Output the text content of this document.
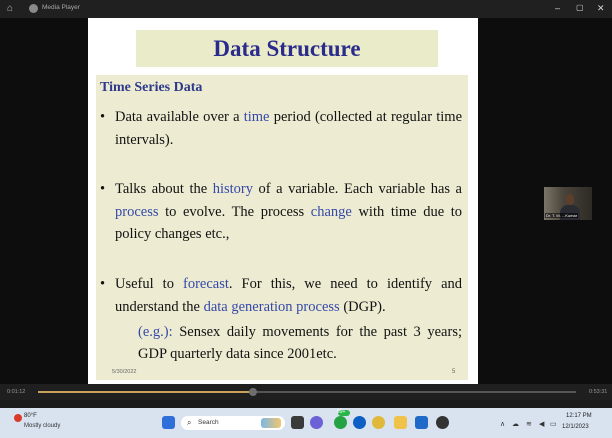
⌂	Media Player	– ▢ ✕
Data Structure
Time Series Data
• Data available over a time period (collected at regular time intervals).
• Talks about the history of a variable. Each variable has a process to evolve. The process change with time due to policy changes etc.,
• Useful to forecast. For this, we need to identify and understand the data generation process (DGP).
(e.g.): Sensex daily movements for the past 3 years; GDP quarterly data since 2001etc.
5/30/2022	5
Dr. T. M. ...Kumar
0:01:12	0:53:31
80°F
Mostly cloudy	⌕ Search
99+
∧ ☁ ≋ ◀ ▭
12:17 PM
12/1/2023
